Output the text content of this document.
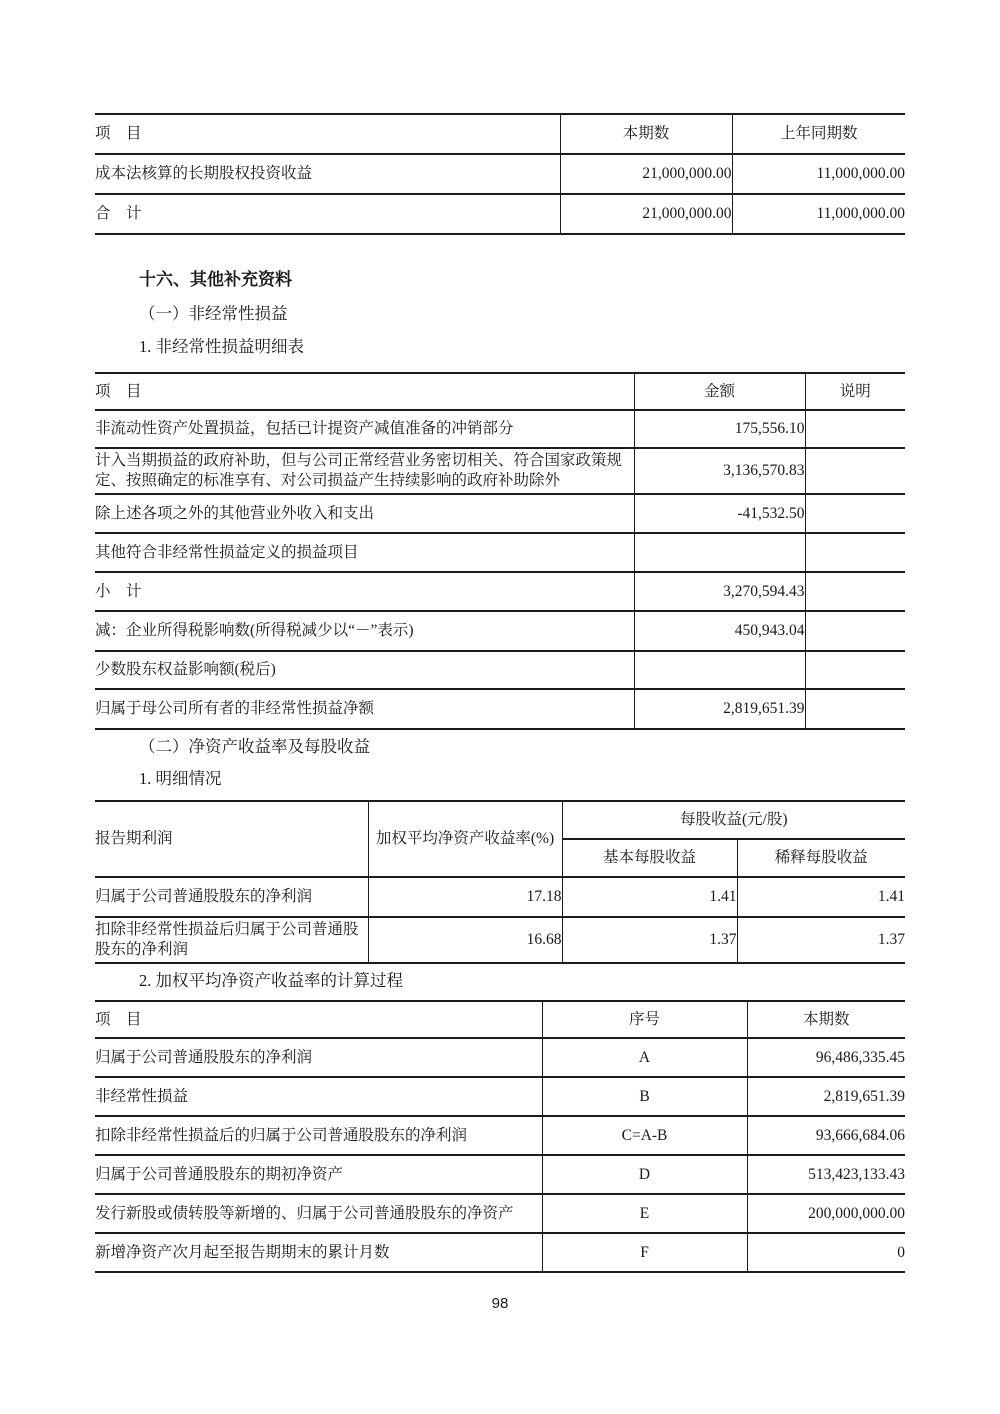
项　目	本期数	上年同期数
成本法核算的长期股权投资收益	21,000,000.00	11,000,000.00
合　计	21,000,000.00	11,000,000.00
十六、其他补充资料
（一）非经常性损益
1. 非经常性损益明细表
项　目	金额	说明
非流动性资产处置损益，包括已计提资产减值准备的冲销部分	175,556.10	
计入当期损益的政府补助，但与公司正常经营业务密切相关、符合国家政策规定、按照确定的标准享有、对公司损益产生持续影响的政府补助除外	3,136,570.83	
除上述各项之外的其他营业外收入和支出	-41,532.50	
其他符合非经常性损益定义的损益项目		
小　计	3,270,594.43	
减：企业所得税影响数(所得税减少以“－”表示)	450,943.04	
少数股东权益影响额(税后)		
归属于母公司所有者的非经常性损益净额	2,819,651.39	
（二）净资产收益率及每股收益
1. 明细情况
报告期利润	加权平均净资产收益率(%)	每股收益(元/股)	
		基本每股收益	稀释每股收益
归属于公司普通股股东的净利润	17.18	1.41	1.41
扣除非经常性损益后归属于公司普通股股东的净利润	16.68	1.37	1.37
2. 加权平均净资产收益率的计算过程
项　目	序号	本期数
归属于公司普通股股东的净利润	A	96,486,335.45
非经常性损益	B	2,819,651.39
扣除非经常性损益后的归属于公司普通股股东的净利润	C=A-B	93,666,684.06
归属于公司普通股股东的期初净资产	D	513,423,133.43
发行新股或债转股等新增的、归属于公司普通股股东的净资产	E	200,000,000.00
新增净资产次月起至报告期期末的累计月数	F	0
98
